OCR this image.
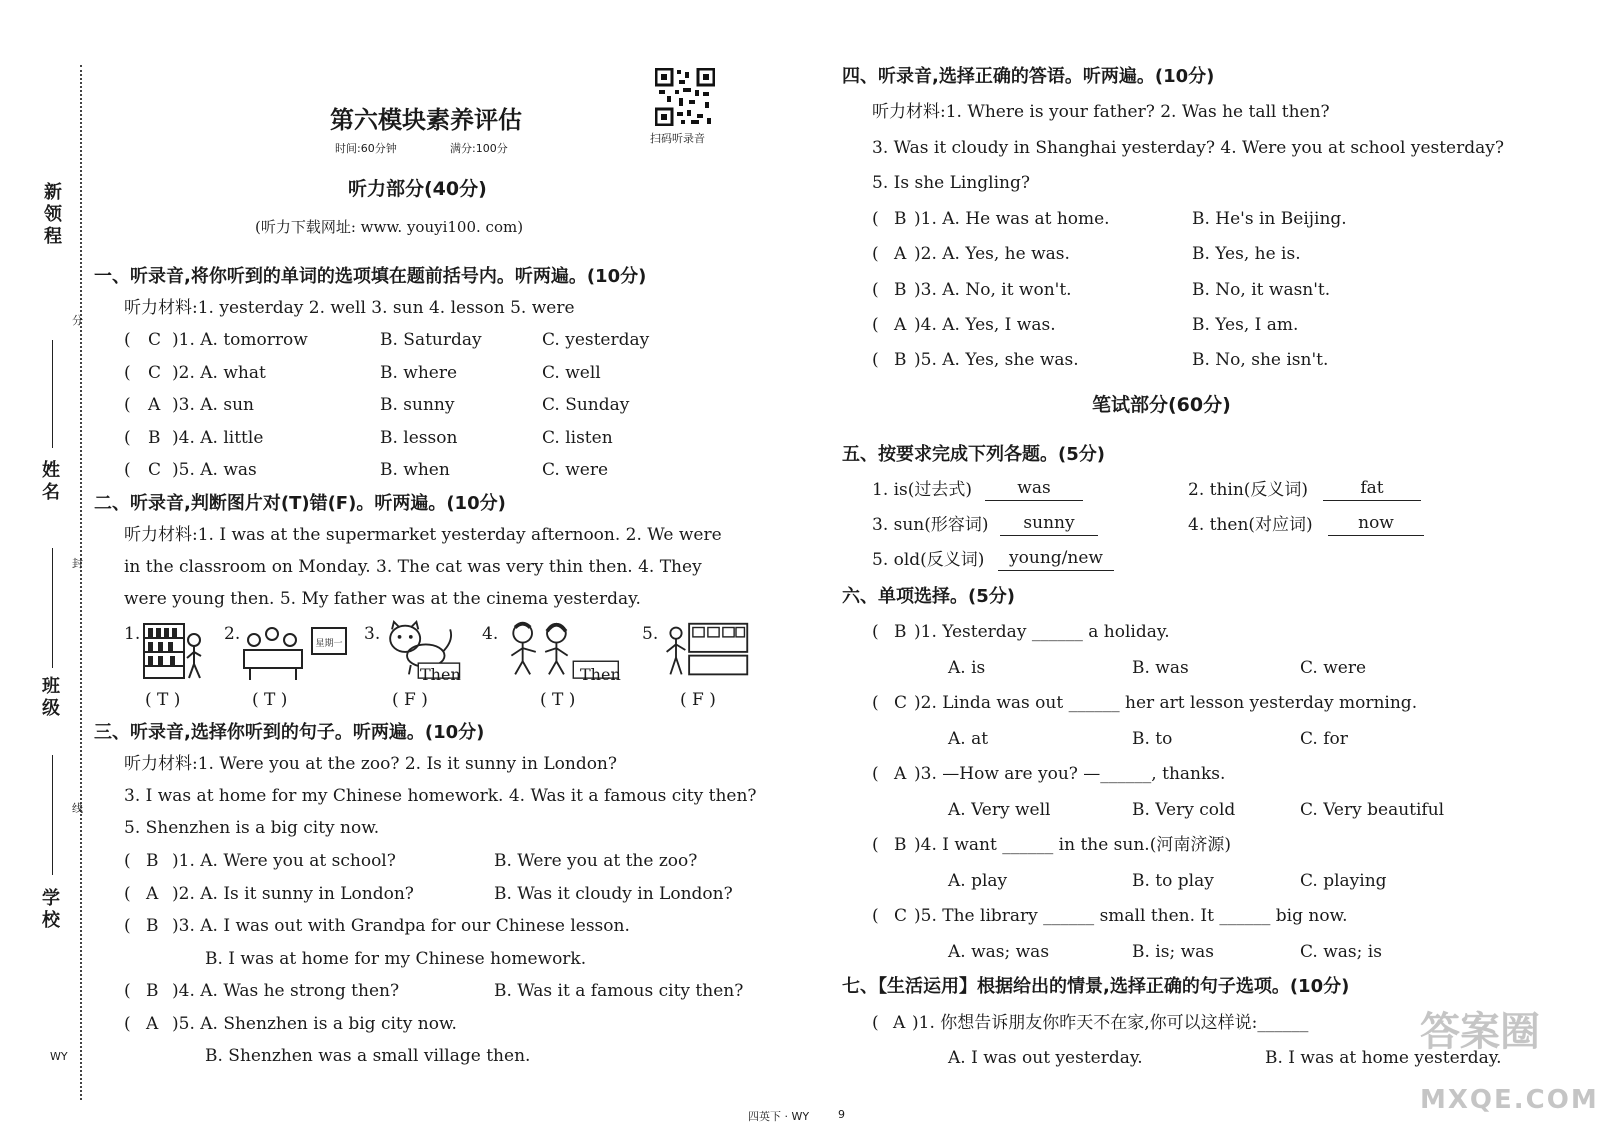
新领程
分
姓名
封
班级
线
学校
WY
第六模块素养评估
时间:60分钟	满分:100分
扫码听录音
听力部分(40分)
(听力下载网址: www. youyi100. com)
一、听录音,将你听到的单词的选项填在题前括号内。听两遍。(10分)
听力材料:1. yesterday 2. well 3. sun 4. lesson 5. were
( C )1. A. tomorrow	B. Saturday	C. yesterday
( C )2. A. what	B. where	C. well
( A )3. A. sun	B. sunny	C. Sunday
( B )4. A. little	B. lesson	C. listen
( C )5. A. was	B. when	C. were
二、听录音,判断图片对(T)错(F)。听两遍。(10分)
听力材料:1. I was at the supermarket yesterday afternoon. 2. We were
in the classroom on Monday. 3. The cat was very thin then. 4. They
were young then. 5. My father was at the cinema yesterday.
1.
( T )
2.	星期一
( T )
3.
Then
( F )
4.
Then
( T )
5.
( F )
三、听录音,选择你听到的句子。听两遍。(10分)
听力材料:1. Were you at the zoo? 2. Is it sunny in London?
3. I was at home for my Chinese homework. 4. Was it a famous city then?
5. Shenzhen is a big city now.
( B )1. A. Were you at school?	B. Were you at the zoo?
( A )2. A. Is it sunny in London?	B. Was it cloudy in London?
( B )3. A. I was out with Grandpa for our Chinese lesson.
B. I was at home for my Chinese homework.
( B )4. A. Was he strong then?	B. Was it a famous city then?
( A )5. A. Shenzhen is a big city now.
B. Shenzhen was a small village then.
四、听录音,选择正确的答语。听两遍。(10分)
听力材料:1. Where is your father? 2. Was he tall then?
3. Was it cloudy in Shanghai yesterday? 4. Were you at school yesterday?
5. Is she Lingling?
( B )1. A. He was at home.	B. He's in Beijing.
( A )2. A. Yes, he was.	B. Yes, he is.
( B )3. A. No, it won't.	B. No, it wasn't.
( A )4. A. Yes, I was.	B. Yes, I am.
( B )5. A. Yes, she was.	B. No, she isn't.
笔试部分(60分)
五、按要求完成下列各题。(5分)
1. is(过去式)	was	2. thin(反义词)	fat
3. sun(形容词)	sunny	4. then(对应词)	now
5. old(反义词)	young/new
六、单项选择。(5分)
( B )1. Yesterday ______ a holiday.
A. is	B. was	C. were
( C )2. Linda was out ______ her art lesson yesterday morning.
A. at	B. to	C. for
( A )3. —How are you? —______, thanks.
A. Very well	B. Very cold	C. Very beautiful
( B )4. I want ______ in the sun.(河南济源)
A. play	B. to play	C. playing
( C )5. The library ______ small then. It ______ big now.
A. was; was	B. is; was	C. was; is
七、【生活运用】根据给出的情景,选择正确的句子选项。(10分)
( A )1. 你想告诉朋友你昨天不在家,你可以这样说:______
A. I was out yesterday.	B. I was at home yesterday.
四英下 · WY	9
答案圈
MXQE.COM
